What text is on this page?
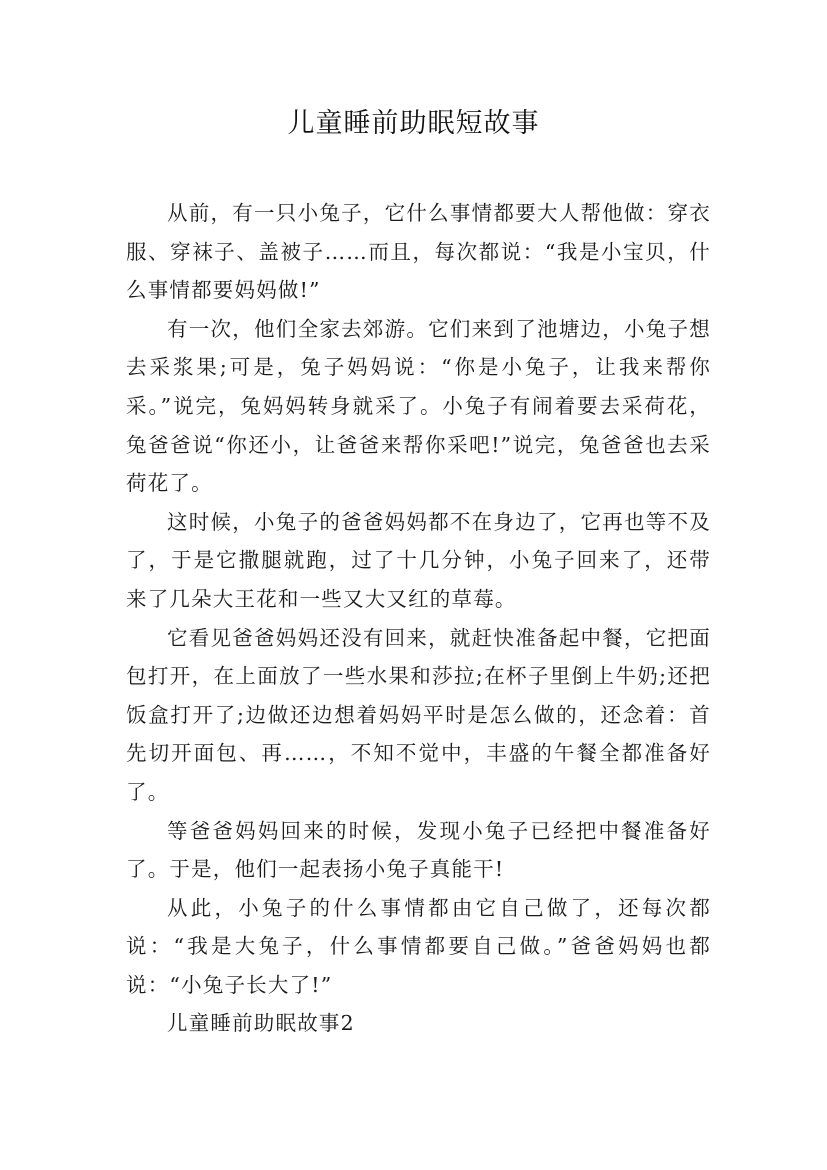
儿童睡前助眠短故事

从前，有一只小兔子，它什么事情都要大人帮他做：穿衣服、穿袜子、盖被子……而且，每次都说：“我是小宝贝，什么事情都要妈妈做!”

有一次，他们全家去郊游。它们来到了池塘边，小兔子想去采浆果;可是，兔子妈妈说：“你是小兔子，让我来帮你采。”说完，兔妈妈转身就采了。小兔子有闹着要去采荷花，兔爸爸说“你还小，让爸爸来帮你采吧!”说完，兔爸爸也去采荷花了。

这时候，小兔子的爸爸妈妈都不在身边了，它再也等不及了，于是它撒腿就跑，过了十几分钟，小兔子回来了，还带来了几朵大王花和一些又大又红的草莓。

它看见爸爸妈妈还没有回来，就赶快准备起中餐，它把面包打开，在上面放了一些水果和莎拉;在杯子里倒上牛奶;还把饭盒打开了;边做还边想着妈妈平时是怎么做的，还念着：首先切开面包、再……，不知不觉中，丰盛的午餐全都准备好了。

等爸爸妈妈回来的时候，发现小兔子已经把中餐准备好了。于是，他们一起表扬小兔子真能干!

从此，小兔子的什么事情都由它自己做了，还每次都说：“我是大兔子，什么事情都要自己做。”爸爸妈妈也都说：“小兔子长大了!”

儿童睡前助眠故事2
